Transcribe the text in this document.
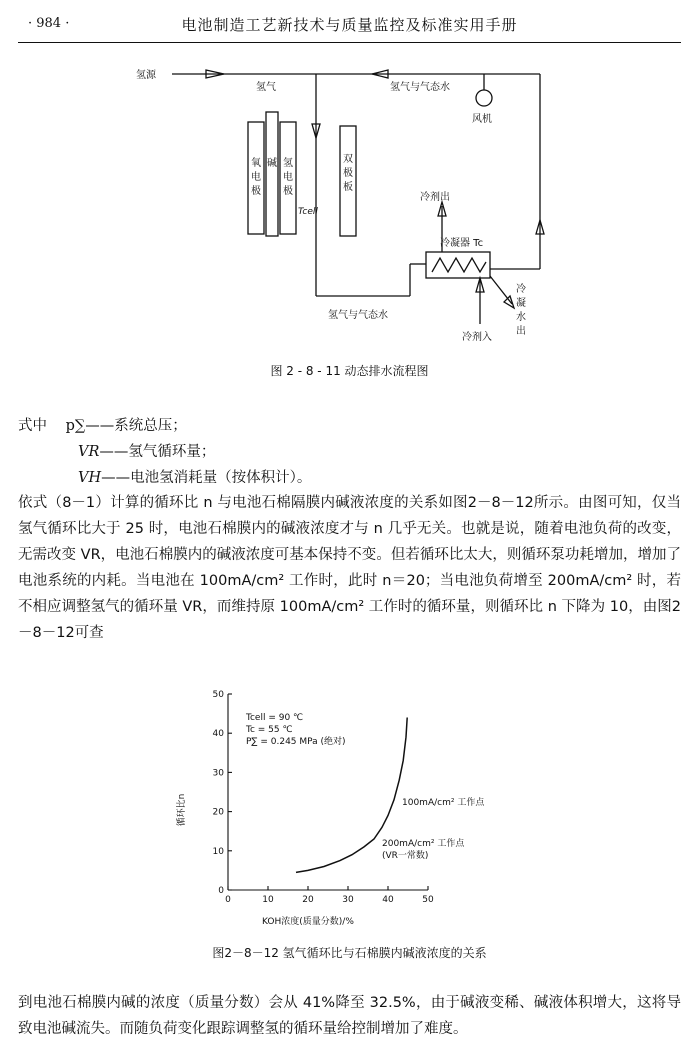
· 984 ·	电池制造工艺新技术与质量监控及标准实用手册
氢源
氢气	氢气与气态水
风机
氧
电
极
碱 氢
电
极
双
极
板
Tcell
冷剂出
冷凝器 Tc
氢气与气态水
冷剂入
冷
凝
水
出
图 2 - 8 - 11 动态排水流程图
式中 p∑——系统总压；
VR——氢气循环量；
VH——电池氢消耗量（按体积计）。

依式（8－1）计算的循环比 n 与电池石棉隔膜内碱液浓度的关系如图2－8－12所示。由图可知，仅当氢气循环比大于 25 时，电池石棉膜内的碱液浓度才与 n 几乎无关。也就是说，随着电池负荷的改变，无需改变 VR，电池石棉膜内的碱液浓度可基本保持不变。但若循环比太大，则循环泵功耗增加，增加了电池系统的内耗。当电池在 100mA/cm² 工作时，此时 n＝20；当电池负荷增至 200mA/cm² 时，若不相应调整氢气的循环量 VR，而维持原 100mA/cm² 工作时的循环量，则循环比 n 下降为 10，由图2－8－12可查

0	10	20	30	40	50
0
10
20
30
40
50
Tcell = 90 ℃
Tc = 55 ℃
P∑ = 0.245 MPa (绝对)
100mA/cm² 工作点
200mA/cm² 工作点
(VR一常数)
KOH浓度(质量分数)/%
循环比n
图2－8－12 氢气循环比与石棉膜内碱液浓度的关系

到电池石棉膜内碱的浓度（质量分数）会从 41%降至 32.5%，由于碱液变稀、碱液体积增大，这将导致电池碱流失。而随负荷变化跟踪调整氢的循环量给控制增加了难度。
